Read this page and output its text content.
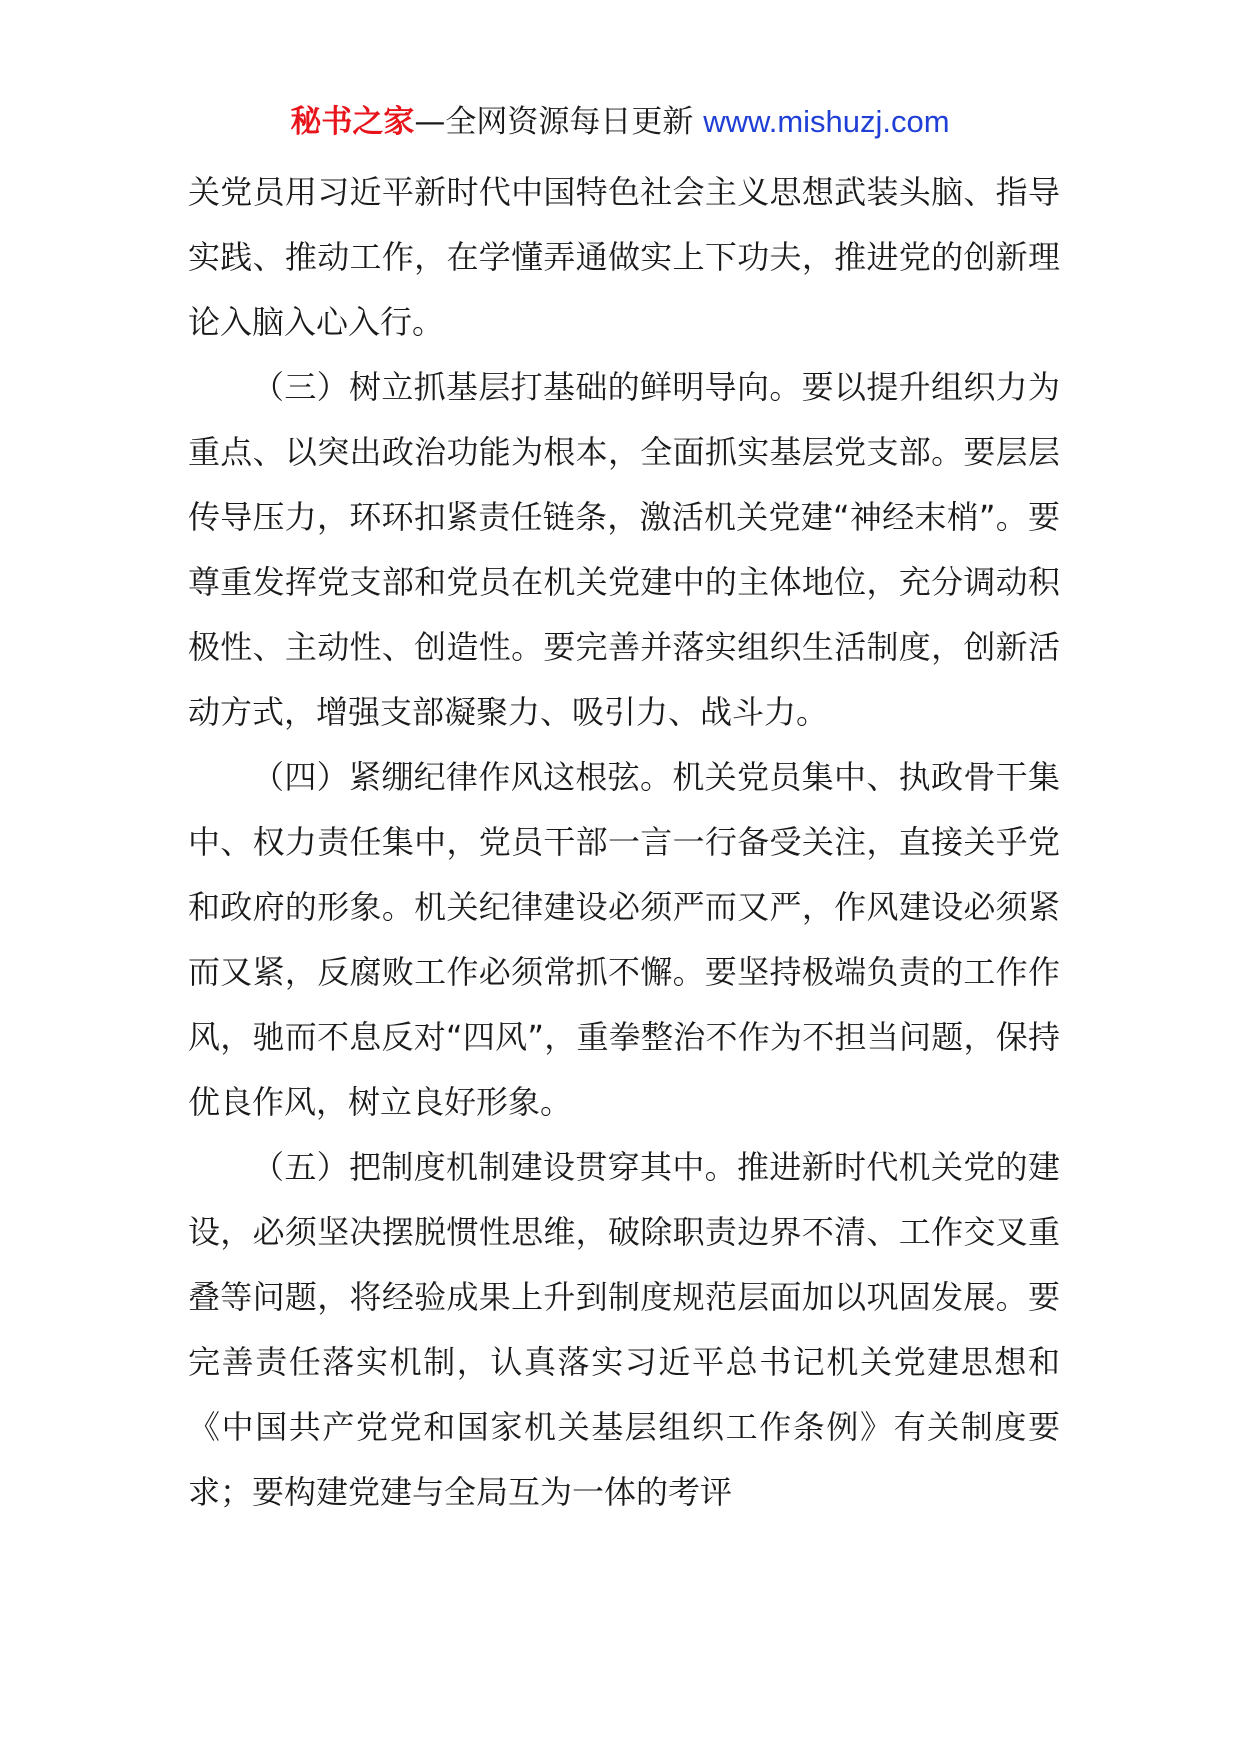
秘书之家—全网资源每日更新 www.mishuzj.com

关党员用习近平新时代中国特色社会主义思想武装头脑、指导实践、推动工作，在学懂弄通做实上下功夫，推进党的创新理论入脑入心入行。

（三）树立抓基层打基础的鲜明导向。要以提升组织力为重点、以突出政治功能为根本，全面抓实基层党支部。要层层传导压力，环环扣紧责任链条，激活机关党建“神经末梢”。要尊重发挥党支部和党员在机关党建中的主体地位，充分调动积极性、主动性、创造性。要完善并落实组织生活制度，创新活动方式，增强支部凝聚力、吸引力、战斗力。

（四）紧绷纪律作风这根弦。机关党员集中、执政骨干集中、权力责任集中，党员干部一言一行备受关注，直接关乎党和政府的形象。机关纪律建设必须严而又严，作风建设必须紧而又紧，反腐败工作必须常抓不懈。要坚持极端负责的工作作风，驰而不息反对“四风”，重拳整治不作为不担当问题，保持优良作风，树立良好形象。

（五）把制度机制建设贯穿其中。推进新时代机关党的建设，必须坚决摆脱惯性思维，破除职责边界不清、工作交叉重叠等问题，将经验成果上升到制度规范层面加以巩固发展。要完善责任落实机制，认真落实习近平总书记机关党建思想和《中国共产党党和国家机关基层组织工作条例》有关制度要求；要构建党建与全局互为一体的考评
